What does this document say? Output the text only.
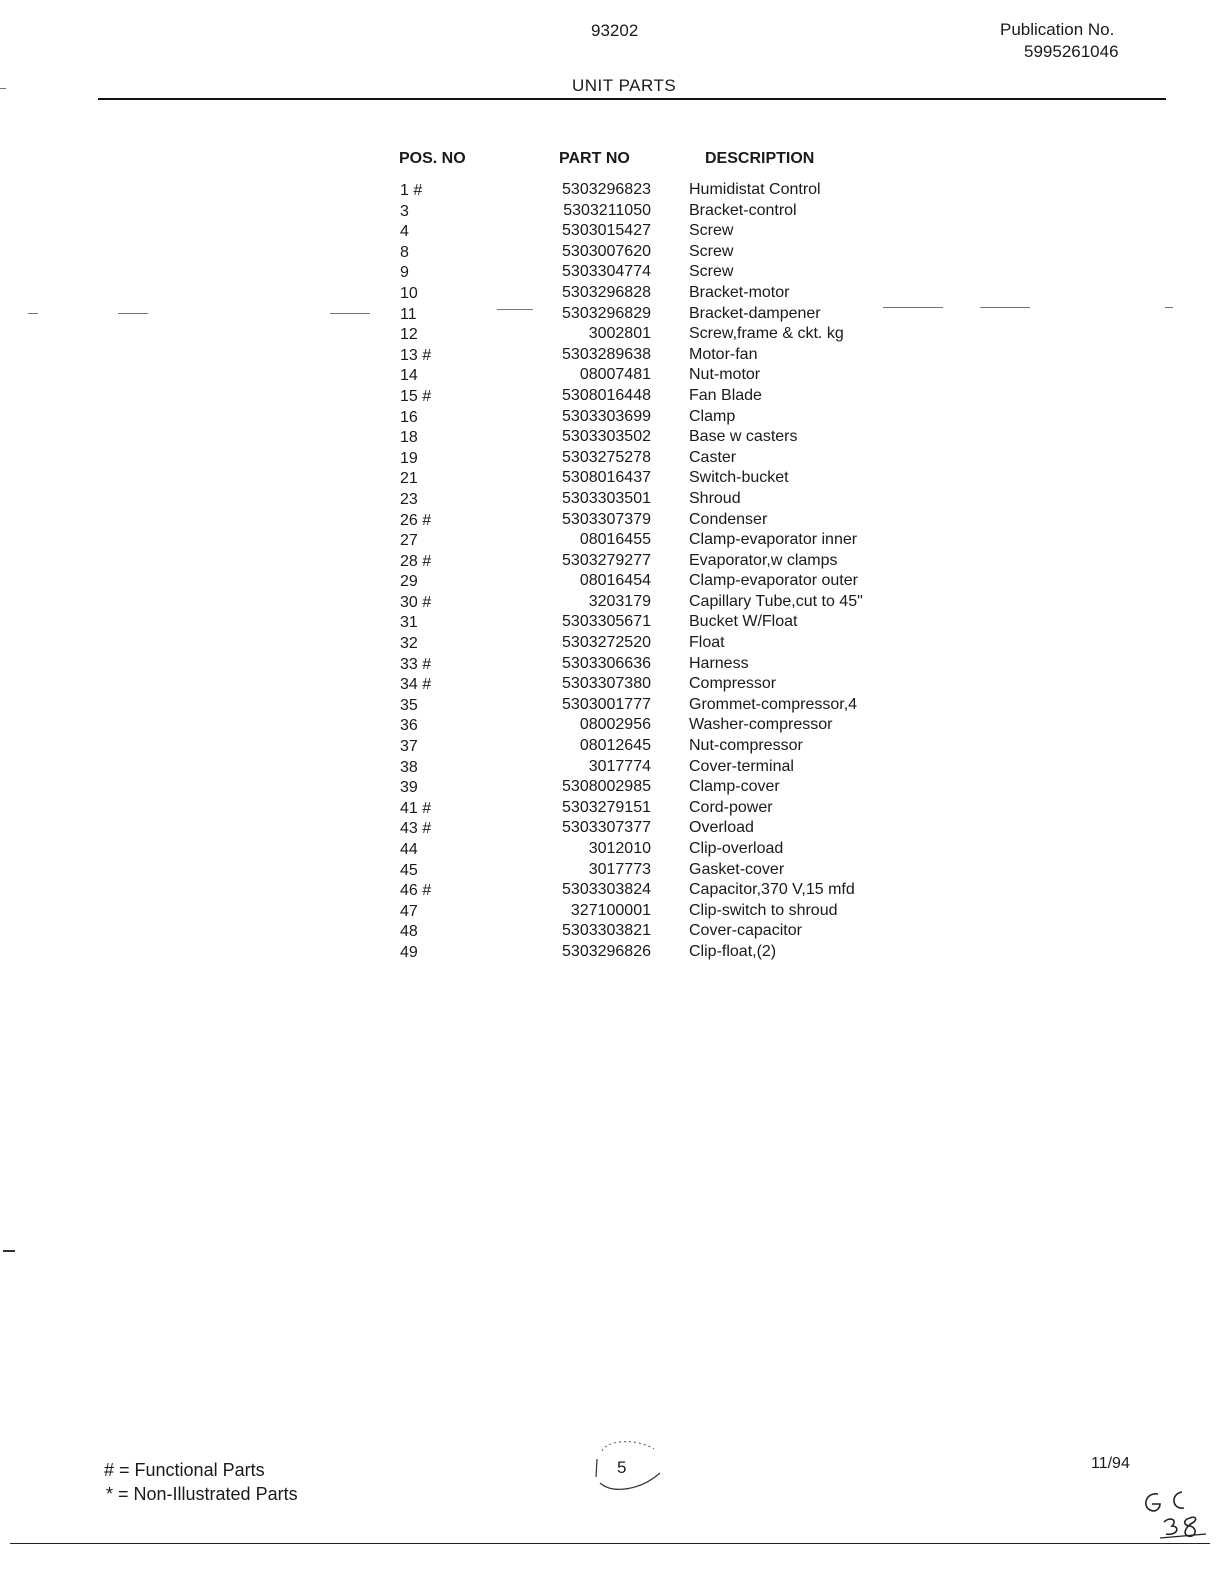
93202	Publication No.
5995261046
UNIT PARTS
POS. NO	PART NO	DESCRIPTION
1 #	5303296823 Humidistat Control
3	5303211050 Bracket-control
4	5303015427 Screw
8	5303007620 Screw
9	5303304774 Screw
10	5303296828 Bracket-motor
11	5303296829 Bracket-dampener
12	3002801 Screw,frame & ckt. kg
13 #	5303289638 Motor-fan
14	08007481 Nut-motor
15 #	5308016448 Fan Blade
16	5303303699 Clamp
18	5303303502 Base w casters
19	5303275278 Caster
21	5308016437 Switch-bucket
23	5303303501 Shroud
26 #	5303307379 Condenser
27	08016455 Clamp-evaporator inner
28 #	5303279277 Evaporator,w clamps
29	08016454 Clamp-evaporator outer
30 #	3203179 Capillary Tube,cut to 45"
31	5303305671 Bucket W/Float
32	5303272520 Float
33 #	5303306636 Harness
34 #	5303307380 Compressor
35	5303001777 Grommet-compressor,4
36	08002956 Washer-compressor
37	08012645 Nut-compressor
38	3017774 Cover-terminal
39	5308002985 Clamp-cover
41 #	5303279151 Cord-power
43 #	5303307377 Overload
44	3012010 Clip-overload
45	3017773 Gasket-cover
46 #	5303303824 Capacitor,370 V,15 mfd
47	327100001 Clip-switch to shroud
48	5303303821 Cover-capacitor
49	5303296826 Clip-float,(2)
# = Functional Parts
* = Non-Illustrated Parts
5	11/94
